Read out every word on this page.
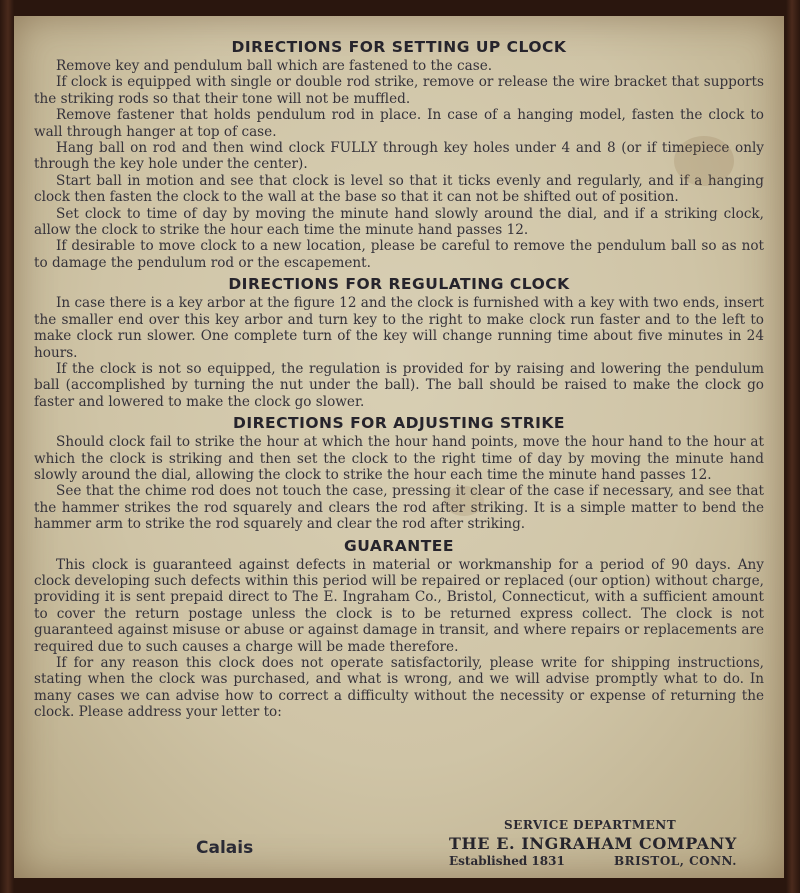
DIRECTIONS FOR SETTING UP CLOCK

Remove key and pendulum ball which are fastened to the case.

If clock is equipped with single or double rod strike, remove or release the wire bracket that supports the striking rods so that their tone will not be muffled.

Remove fastener that holds pendulum rod in place. In case of a hanging model, fasten the clock to wall through hanger at top of case.

Hang ball on rod and then wind clock FULLY through key holes under 4 and 8 (or if timepiece only through the key hole under the center).

Start ball in motion and see that clock is level so that it ticks evenly and regularly, and if a hanging clock then fasten the clock to the wall at the base so that it can not be shifted out of position.

Set clock to time of day by moving the minute hand slowly around the dial, and if a striking clock, allow the clock to strike the hour each time the minute hand passes 12.

If desirable to move clock to a new location, please be careful to remove the pendulum ball so as not to damage the pendulum rod or the escapement.

DIRECTIONS FOR REGULATING CLOCK

In case there is a key arbor at the figure 12 and the clock is furnished with a key with two ends, insert the smaller end over this key arbor and turn key to the right to make clock run faster and to the left to make clock run slower. One complete turn of the key will change running time about five minutes in 24 hours.

If the clock is not so equipped, the regulation is provided for by raising and lowering the pendulum ball (accomplished by turning the nut under the ball). The ball should be raised to make the clock go faster and lowered to make the clock go slower.

DIRECTIONS FOR ADJUSTING STRIKE

Should clock fail to strike the hour at which the hour hand points, move the hour hand to the hour at which the clock is striking and then set the clock to the right time of day by moving the minute hand slowly around the dial, allowing the clock to strike the hour each time the minute hand passes 12.

See that the chime rod does not touch the case, pressing it clear of the case if necessary, and see that the hammer strikes the rod squarely and clears the rod after striking. It is a simple matter to bend the hammer arm to strike the rod squarely and clear the rod after striking.

GUARANTEE

This clock is guaranteed against defects in material or workmanship for a period of 90 days. Any clock developing such defects within this period will be repaired or replaced (our option) without charge, providing it is sent prepaid direct to The E. Ingraham Co., Bristol, Connecticut, with a sufficient amount to cover the return postage unless the clock is to be returned express collect. The clock is not guaranteed against misuse or abuse or against damage in transit, and where repairs or replacements are required due to such causes a charge will be made therefore.

If for any reason this clock does not operate satisfactorily, please write for shipping instructions, stating when the clock was purchased, and what is wrong, and we will advise promptly what to do. In many cases we can advise how to correct a difficulty without the necessity or expense of returning the clock. Please address your letter to:

Calais
SERVICE DEPARTMENT
THE E. INGRAHAM COMPANY
Established 1831	BRISTOL, CONN.
